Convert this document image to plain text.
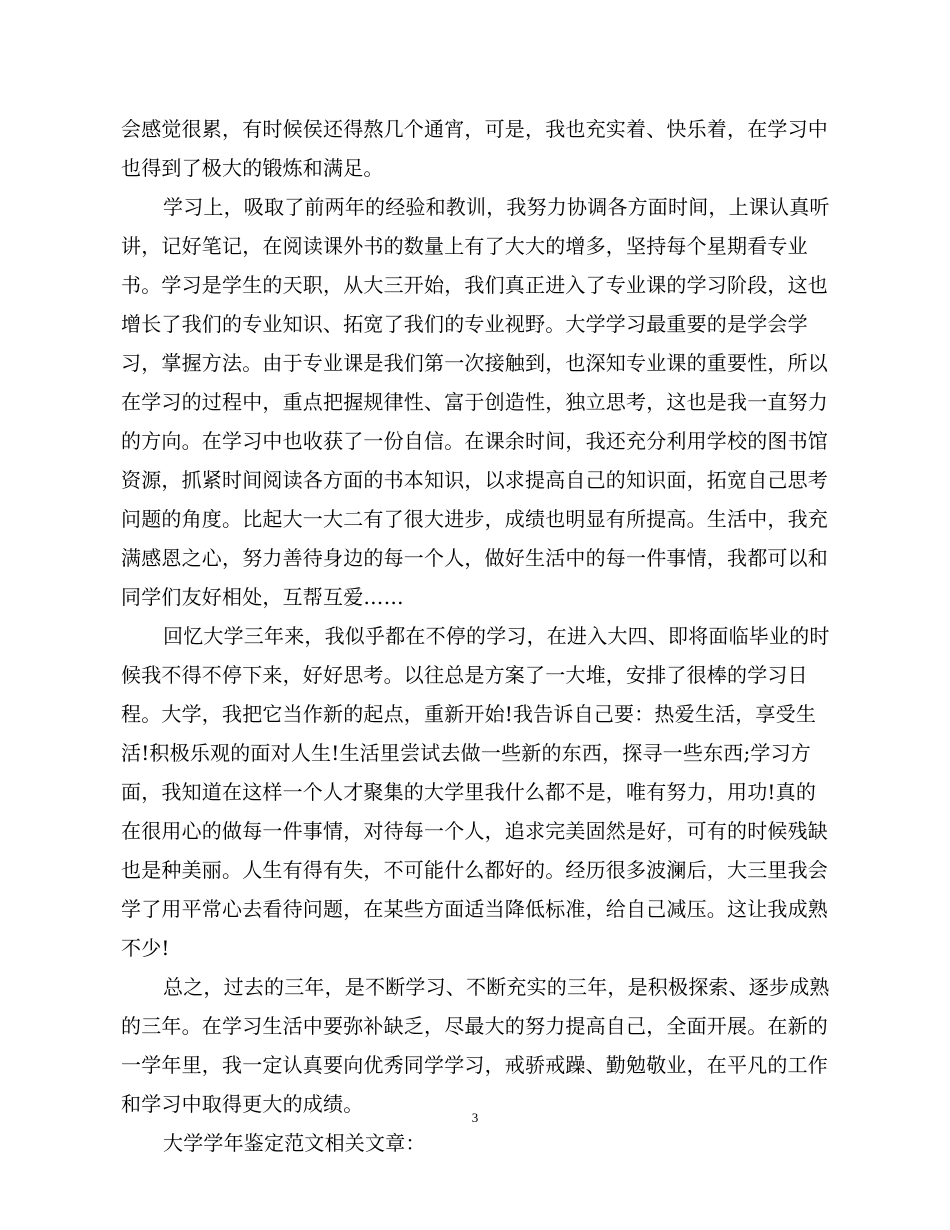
会感觉很累，有时候侯还得熬几个通宵，可是，我也充实着、快乐着，在学习中
也得到了极大的锻炼和满足。
学习上，吸取了前两年的经验和教训，我努力协调各方面时间，上课认真听
讲，记好笔记，在阅读课外书的数量上有了大大的增多，坚持每个星期看专业
书。学习是学生的天职，从大三开始，我们真正进入了专业课的学习阶段，这也
增长了我们的专业知识、拓宽了我们的专业视野。大学学习最重要的是学会学
习，掌握方法。由于专业课是我们第一次接触到，也深知专业课的重要性，所以
在学习的过程中，重点把握规律性、富于创造性，独立思考，这也是我一直努力
的方向。在学习中也收获了一份自信。在课余时间，我还充分利用学校的图书馆
资源，抓紧时间阅读各方面的书本知识，以求提高自己的知识面，拓宽自己思考
问题的角度。比起大一大二有了很大进步，成绩也明显有所提高。生活中，我充
满感恩之心，努力善待身边的每一个人，做好生活中的每一件事情，我都可以和
同学们友好相处，互帮互爱……
回忆大学三年来，我似乎都在不停的学习，在进入大四、即将面临毕业的时
候我不得不停下来，好好思考。以往总是方案了一大堆，安排了很棒的学习日
程。大学，我把它当作新的起点，重新开始!我告诉自己要：热爱生活，享受生
活!积极乐观的面对人生!生活里尝试去做一些新的东西，探寻一些东西;学习方
面，我知道在这样一个人才聚集的大学里我什么都不是，唯有努力，用功!真的
在很用心的做每一件事情，对待每一个人，追求完美固然是好，可有的时候残缺
也是种美丽。人生有得有失，不可能什么都好的。经历很多波澜后，大三里我会
学了用平常心去看待问题，在某些方面适当降低标准，给自己减压。这让我成熟
不少!
总之，过去的三年，是不断学习、不断充实的三年，是积极探索、逐步成熟
的三年。在学习生活中要弥补缺乏，尽最大的努力提高自己，全面开展。在新的
一学年里，我一定认真要向优秀同学学习，戒骄戒躁、勤勉敬业，在平凡的工作
和学习中取得更大的成绩。
大学学年鉴定范文相关文章：
3
